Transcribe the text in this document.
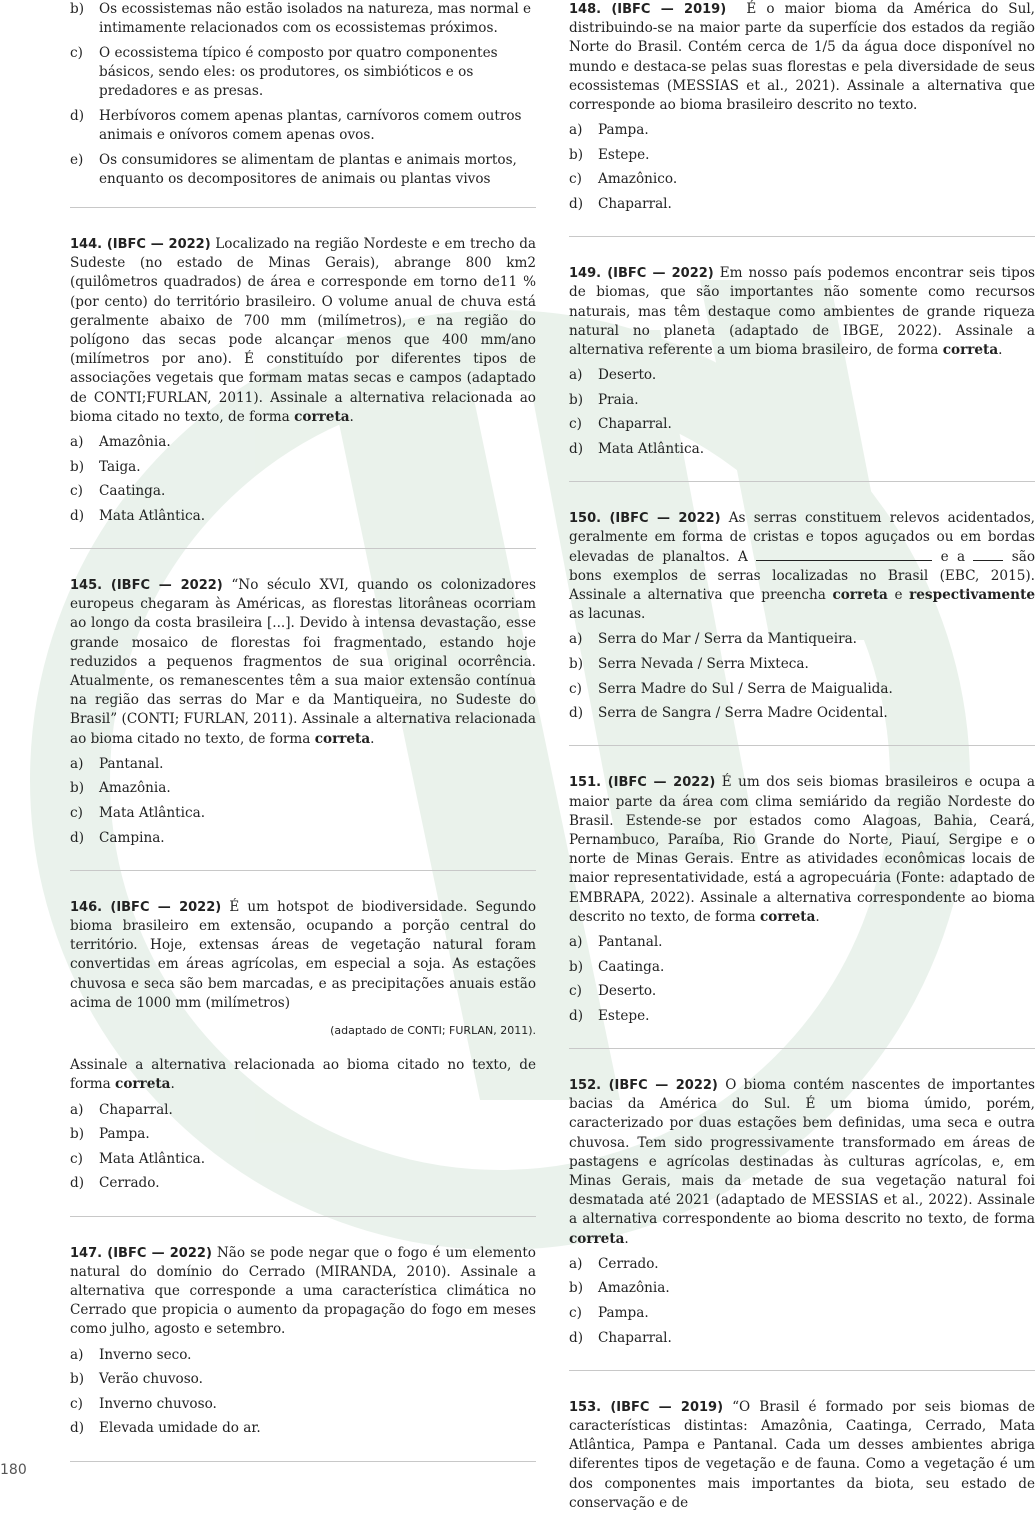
b)	Os ecossistemas não estão isolados na natureza, mas normal e intimamente relacionados com os ecossistemas próximos.
c)	O ecossistema típico é composto por quatro componentes básicos, sendo eles: os produtores, os simbióticos e os predadores e as presas.
d)	Herbívoros comem apenas plantas, carnívoros comem outros animais e onívoros comem apenas ovos.
e)	Os consumidores se alimentam de plantas e animais mortos, enquanto os decompositores de animais ou plantas vivos

144. (IBFC — 2022) Localizado na região Nordeste e em trecho da Sudeste (no estado de Minas Gerais), abrange 800 km2 (quilômetros quadrados) de área e corresponde em torno de11 % (por cento) do território brasileiro. O volume anual de chuva está geralmente abaixo de 700 mm (milímetros), e na região do polígono das secas pode alcançar menos que 400 mm/ano (milímetros por ano). É constituído por diferentes tipos de associações vegetais que formam matas secas e campos (adaptado de CONTI;FURLAN, 2011). Assinale a alternativa relacionada ao bioma citado no texto, de forma correta.

a)	Amazônia.
b)	Taiga.
c)	Caatinga.
d)	Mata Atlântica.

145. (IBFC — 2022) “No século XVI, quando os colonizadores europeus chegaram às Américas, as florestas litorâneas ocorriam ao longo da costa brasileira [...]. Devido à intensa devastação, esse grande mosaico de florestas foi fragmentado, estando hoje reduzidos a pequenos fragmentos de sua original ocorrência. Atualmente, os remanescentes têm a sua maior extensão contínua na região das serras do Mar e da Mantiqueira, no Sudeste do Brasil” (CONTI; FURLAN, 2011). Assinale a alternativa relacionada ao bioma citado no texto, de forma correta.

a)	Pantanal.
b)	Amazônia.
c)	Mata Atlântica.
d)	Campina.

146. (IBFC — 2022) É um hotspot de biodiversidade. Segundo bioma brasileiro em extensão, ocupando a porção central do território. Hoje, extensas áreas de vegetação natural foram convertidas em áreas agrícolas, em especial a soja. As estações chuvosa e seca são bem marcadas, e as precipitações anuais estão acima de 1000 mm (milímetros)

(adaptado de CONTI; FURLAN, 2011).

Assinale a alternativa relacionada ao bioma citado no texto, de forma correta.

a)	Chaparral.
b)	Pampa.
c)	Mata Atlântica.
d)	Cerrado.

147. (IBFC — 2022) Não se pode negar que o fogo é um elemento natural do domínio do Cerrado (MIRANDA, 2010). Assinale a alternativa que corresponde a uma característica climática no Cerrado que propicia o aumento da propagação do fogo em meses como julho, agosto e setembro.

a)	Inverno seco.
b)	Verão chuvoso.
c)	Inverno chuvoso.
d)	Elevada umidade do ar.

148. (IBFC — 2019) É o maior bioma da América do Sul, distribuindo-se na maior parte da superfície dos estados da região Norte do Brasil. Contém cerca de 1/5 da água doce disponível no mundo e destaca-se pelas suas florestas e pela diversidade de seus ecossistemas (MESSIAS et al., 2021). Assinale a alternativa que corresponde ao bioma brasileiro descrito no texto.

a)	Pampa.
b)	Estepe.
c)	Amazônico.
d)	Chaparral.

149. (IBFC — 2022) Em nosso país podemos encontrar seis tipos de biomas, que são importantes não somente como recursos naturais, mas têm destaque como ambientes de grande riqueza natural no planeta (adaptado de IBGE, 2022). Assinale a alternativa referente a um bioma brasileiro, de forma correta.

a)	Deserto.
b)	Praia.
c)	Chaparral.
d)	Mata Atlântica.

150. (IBFC — 2022) As serras constituem relevos acidentados, geralmente em forma de cristas e topos aguçados ou em bordas elevadas de planaltos. A	e a	são bons exemplos de serras localizadas no Brasil (EBC, 2015). Assinale a alternativa que preencha correta e respectivamente as lacunas.

a)	Serra do Mar / Serra da Mantiqueira.
b)	Serra Nevada / Serra Mixteca.
c)	Serra Madre do Sul / Serra de Maigualida.
d)	Serra de Sangra / Serra Madre Ocidental.

151. (IBFC — 2022) É um dos seis biomas brasileiros e ocupa a maior parte da área com clima semiárido da região Nordeste do Brasil. Estende-se por estados como Alagoas, Bahia, Ceará, Pernambuco, Paraíba, Rio Grande do Norte, Piauí, Sergipe e o norte de Minas Gerais. Entre as atividades econômicas locais de maior representatividade, está a agropecuária (Fonte: adaptado de EMBRAPA, 2022). Assinale a alternativa correspondente ao bioma descrito no texto, de forma correta.

a)	Pantanal.
b)	Caatinga.
c)	Deserto.
d)	Estepe.

152. (IBFC — 2022) O bioma contém nascentes de importantes bacias da América do Sul. É um bioma úmido, porém, caracterizado por duas estações bem definidas, uma seca e outra chuvosa. Tem sido progressivamente transformado em áreas de pastagens e agrícolas destinadas às culturas agrícolas, e, em Minas Gerais, mais da metade de sua vegetação natural foi desmatada até 2021 (adaptado de MESSIAS et al., 2022). Assinale a alternativa correspondente ao bioma descrito no texto, de forma correta.

a)	Cerrado.
b)	Amazônia.
c)	Pampa.
d)	Chaparral.

153. (IBFC — 2019) “O Brasil é formado por seis biomas de características distintas: Amazônia, Caatinga, Cerrado, Mata Atlântica, Pampa e Pantanal. Cada um desses ambientes abriga diferentes tipos de vegetação e de fauna. Como a vegetação é um dos componentes mais importantes da biota, seu estado de conservação e de

180
